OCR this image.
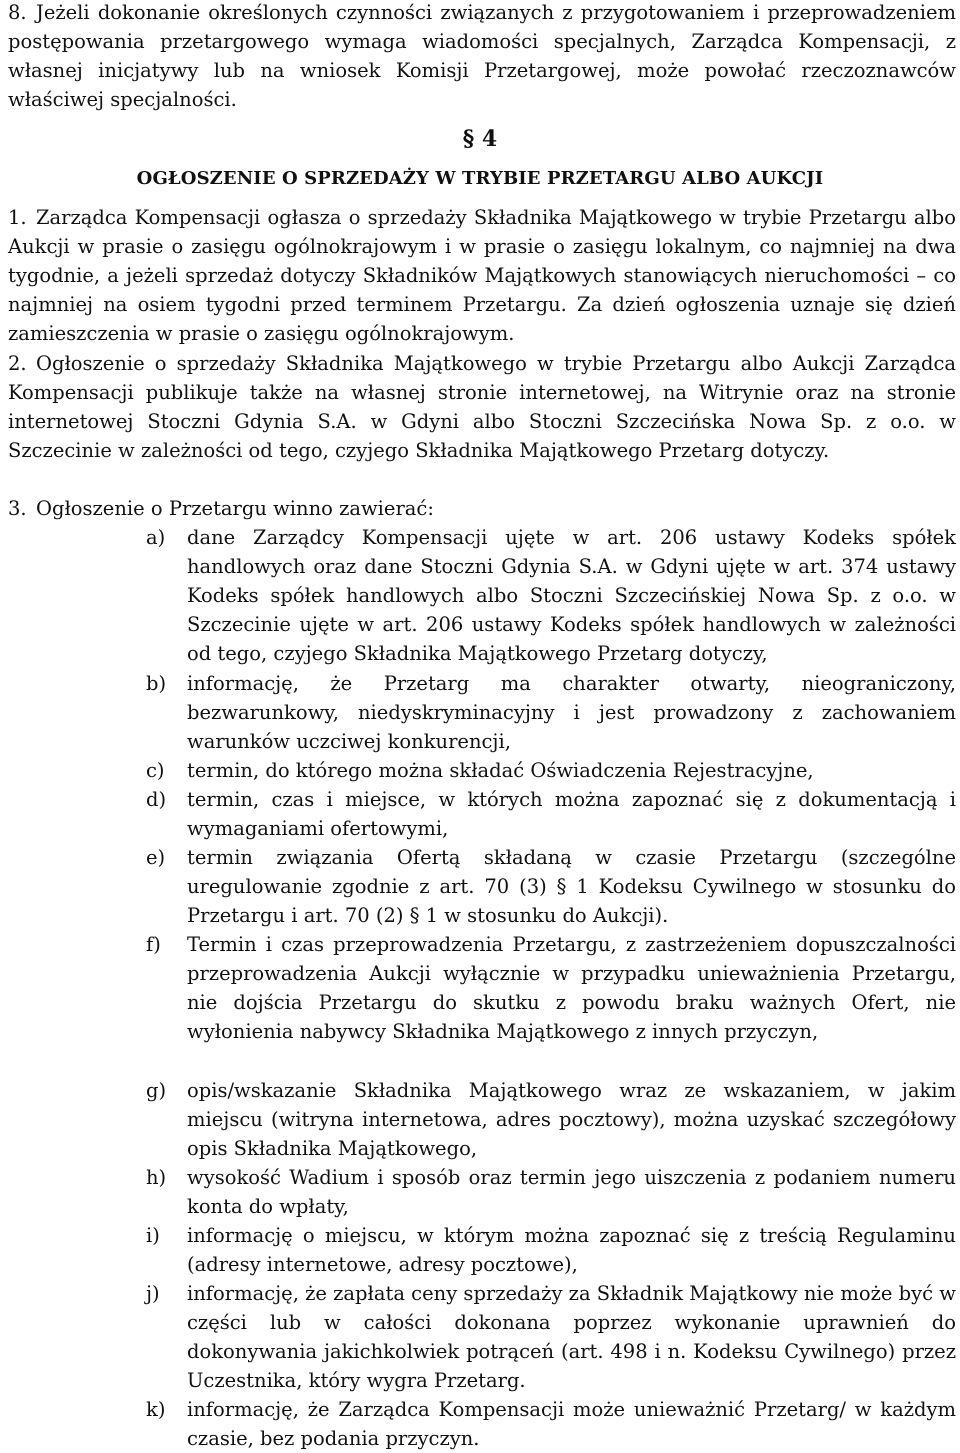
8. Jeżeli dokonanie określonych czynności związanych z przygotowaniem i przeprowadzeniem postępowania przetargowego wymaga wiadomości specjalnych, Zarządca Kompensacji, z własnej inicjatywy lub na wniosek Komisji Przetargowej, może powołać rzeczoznawców właściwej specjalności.
§ 4
OGŁOSZENIE O SPRZEDAŻY W TRYBIE PRZETARGU ALBO AUKCJI
1. Zarządca Kompensacji ogłasza o sprzedaży Składnika Majątkowego w trybie Przetargu albo Aukcji w prasie o zasięgu ogólnokrajowym i w prasie o zasięgu lokalnym, co najmniej na dwa tygodnie, a jeżeli sprzedaż dotyczy Składników Majątkowych stanowiących nieruchomości – co najmniej na osiem tygodni przed terminem Przetargu. Za dzień ogłoszenia uznaje się dzień zamieszczenia w prasie o zasięgu ogólnokrajowym.
2. Ogłoszenie o sprzedaży Składnika Majątkowego w trybie Przetargu albo Aukcji Zarządca Kompensacji publikuje także na własnej stronie internetowej, na Witrynie oraz na stronie internetowej Stoczni Gdynia S.A. w Gdyni albo Stoczni Szczecińska Nowa Sp. z o.o. w Szczecinie w zależności od tego, czyjego Składnika Majątkowego Przetarg dotyczy.
3. Ogłoszenie o Przetargu winno zawierać:
a) dane Zarządcy Kompensacji ujęte w art. 206 ustawy Kodeks spółek handlowych oraz dane Stoczni Gdynia S.A. w Gdyni ujęte w art. 374 ustawy Kodeks spółek handlowych albo Stoczni Szczecińskiej Nowa Sp. z o.o. w Szczecinie ujęte w art. 206 ustawy Kodeks spółek handlowych w zależności od tego, czyjego Składnika Majątkowego Przetarg dotyczy,
b) informację, że Przetarg ma charakter otwarty, nieograniczony, bezwarunkowy, niedyskryminacyjny i jest prowadzony z zachowaniem warunków uczciwej konkurencji,
c) termin, do którego można składać Oświadczenia Rejestracyjne,
d) termin, czas i miejsce, w których można zapoznać się z dokumentacją i wymaganiami ofertowymi,
e) termin związania Ofertą składaną w czasie Przetargu (szczególne uregulowanie zgodnie z art. 70 (3) § 1 Kodeksu Cywilnego w stosunku do Przetargu i art. 70 (2) § 1 w stosunku do Aukcji).
f) Termin i czas przeprowadzenia Przetargu, z zastrzeżeniem dopuszczalności przeprowadzenia Aukcji wyłącznie w przypadku unieważnienia Przetargu, nie dojścia Przetargu do skutku z powodu braku ważnych Ofert, nie wyłonienia nabywcy Składnika Majątkowego z innych przyczyn,
g) opis/wskazanie Składnika Majątkowego wraz ze wskazaniem, w jakim miejscu (witryna internetowa, adres pocztowy), można uzyskać szczegółowy opis Składnika Majątkowego,
h) wysokość Wadium i sposób oraz termin jego uiszczenia z podaniem numeru konta do wpłaty,
i) informację o miejscu, w którym można zapoznać się z treścią Regulaminu (adresy internetowe, adresy pocztowe),
j) informację, że zapłata ceny sprzedaży za Składnik Majątkowy nie może być w części lub w całości dokonana poprzez wykonanie uprawnień do dokonywania jakichkolwiek potrąceń (art. 498 i n. Kodeksu Cywilnego) przez Uczestnika, który wygra Przetarg.
k) informację, że Zarządca Kompensacji może unieważnić Przetarg/ w każdym czasie, bez podania przyczyn.
